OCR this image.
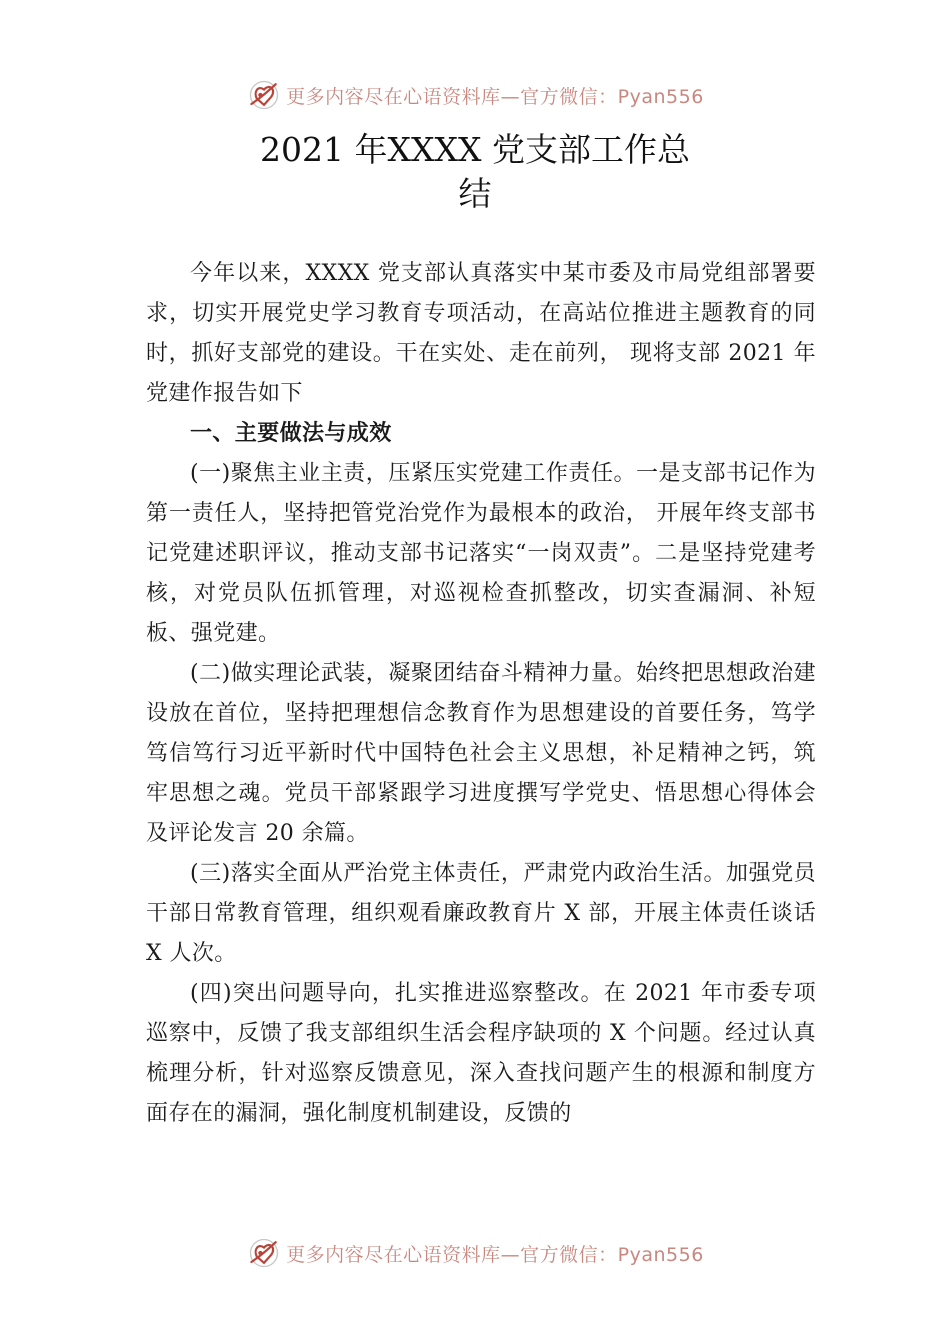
更多内容尽在心语资料库—官方微信：Pyan556
2021 年XXXX 党支部工作总
结

今年以来，XXXX 党支部认真落实中某市委及市局党组部署要求，切实开展党史学习教育专项活动，在高站位推进主题教育的同时，抓好支部党的建设。干在实处、走在前列， 现将支部 2021 年党建作报告如下

一、主要做法与成效

(一)聚焦主业主责，压紧压实党建工作责任。一是支部书记作为第一责任人，坚持把管党治党作为最根本的政治， 开展年终支部书记党建述职评议，推动支部书记落实“一岗双责”。二是坚持党建考核，对党员队伍抓管理，对巡视检查抓整改，切实查漏洞、补短板、强党建。

(二)做实理论武装，凝聚团结奋斗精神力量。始终把思想政治建设放在首位，坚持把理想信念教育作为思想建设的首要任务，笃学笃信笃行习近平新时代中国特色社会主义思想，补足精神之钙，筑牢思想之魂。党员干部紧跟学习进度撰写学党史、悟思想心得体会及评论发言 20 余篇。

(三)落实全面从严治党主体责任，严肃党内政治生活。加强党员干部日常教育管理，组织观看廉政教育片 X 部，开展主体责任谈话 X 人次。

(四)突出问题导向，扎实推进巡察整改。在 2021 年市委专项巡察中，反馈了我支部组织生活会程序缺项的 X 个问题。经过认真梳理分析，针对巡察反馈意见，深入查找问题产生的根源和制度方面存在的漏洞，强化制度机制建设，反馈的

更多内容尽在心语资料库—官方微信：Pyan556
